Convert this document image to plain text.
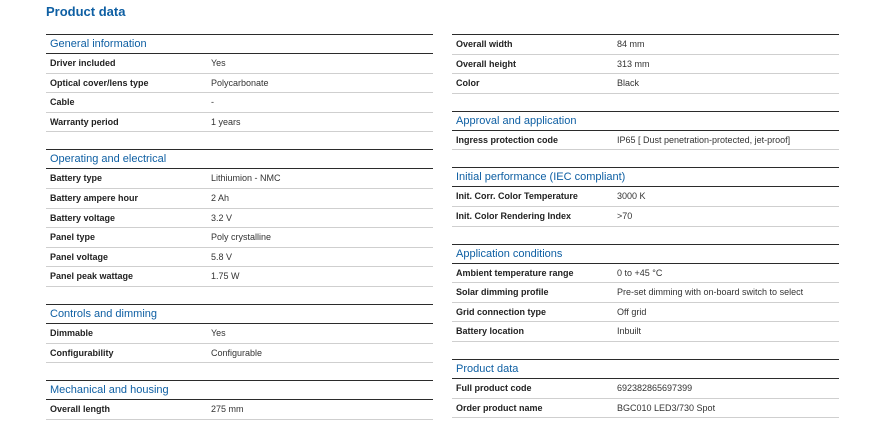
Product data
General information
Driver included	Yes
Optical cover/lens type	Polycarbonate
Cable	-
Warranty period	1 years
Operating and electrical
Battery type	Lithiumion - NMC
Battery ampere hour	2 Ah
Battery voltage	3.2 V
Panel type	Poly crystalline
Panel voltage	5.8 V
Panel peak wattage	1.75 W
Controls and dimming
Dimmable	Yes
Configurability	Configurable
Mechanical and housing
Overall length	275 mm
Overall width	84 mm
Overall height	313 mm
Color	Black
Approval and application
Ingress protection code	IP65 [ Dust penetration-protected, jet-proof]
Initial performance (IEC compliant)
Init. Corr. Color Temperature	3000 K
Init. Color Rendering Index	>70
Application conditions
Ambient temperature range	0 to +45 °C
Solar dimming profile	Pre-set dimming with on-board switch to select
Grid connection type	Off grid
Battery location	Inbuilt
Product data
Full product code	692382865697399
Order product name	BGC010 LED3/730 Spot
